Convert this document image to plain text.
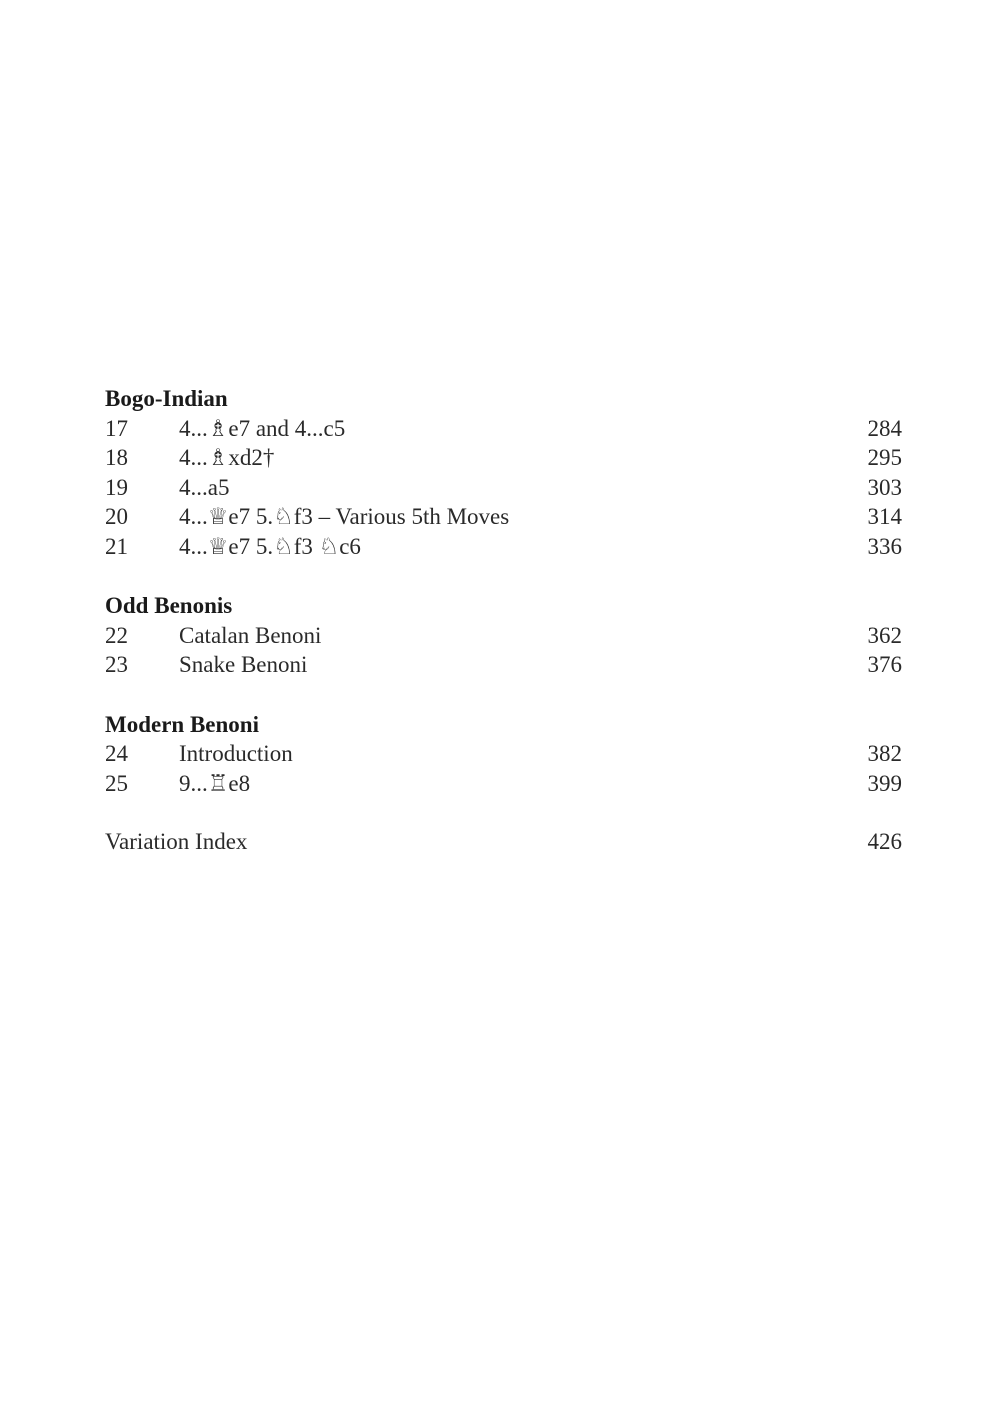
Bogo-Indian
17	4...♗e7 and 4...c5	284
18	4...♗xd2†	295
19	4...a5	303
20	4...♕e7 5.♘f3 – Various 5th Moves	314
21	4...♕e7 5.♘f3 ♘c6	336
Odd Benonis
22	Catalan Benoni	362
23	Snake Benoni	376
Modern Benoni
24	Introduction	382
25	9...♖e8	399
Variation Index	426
